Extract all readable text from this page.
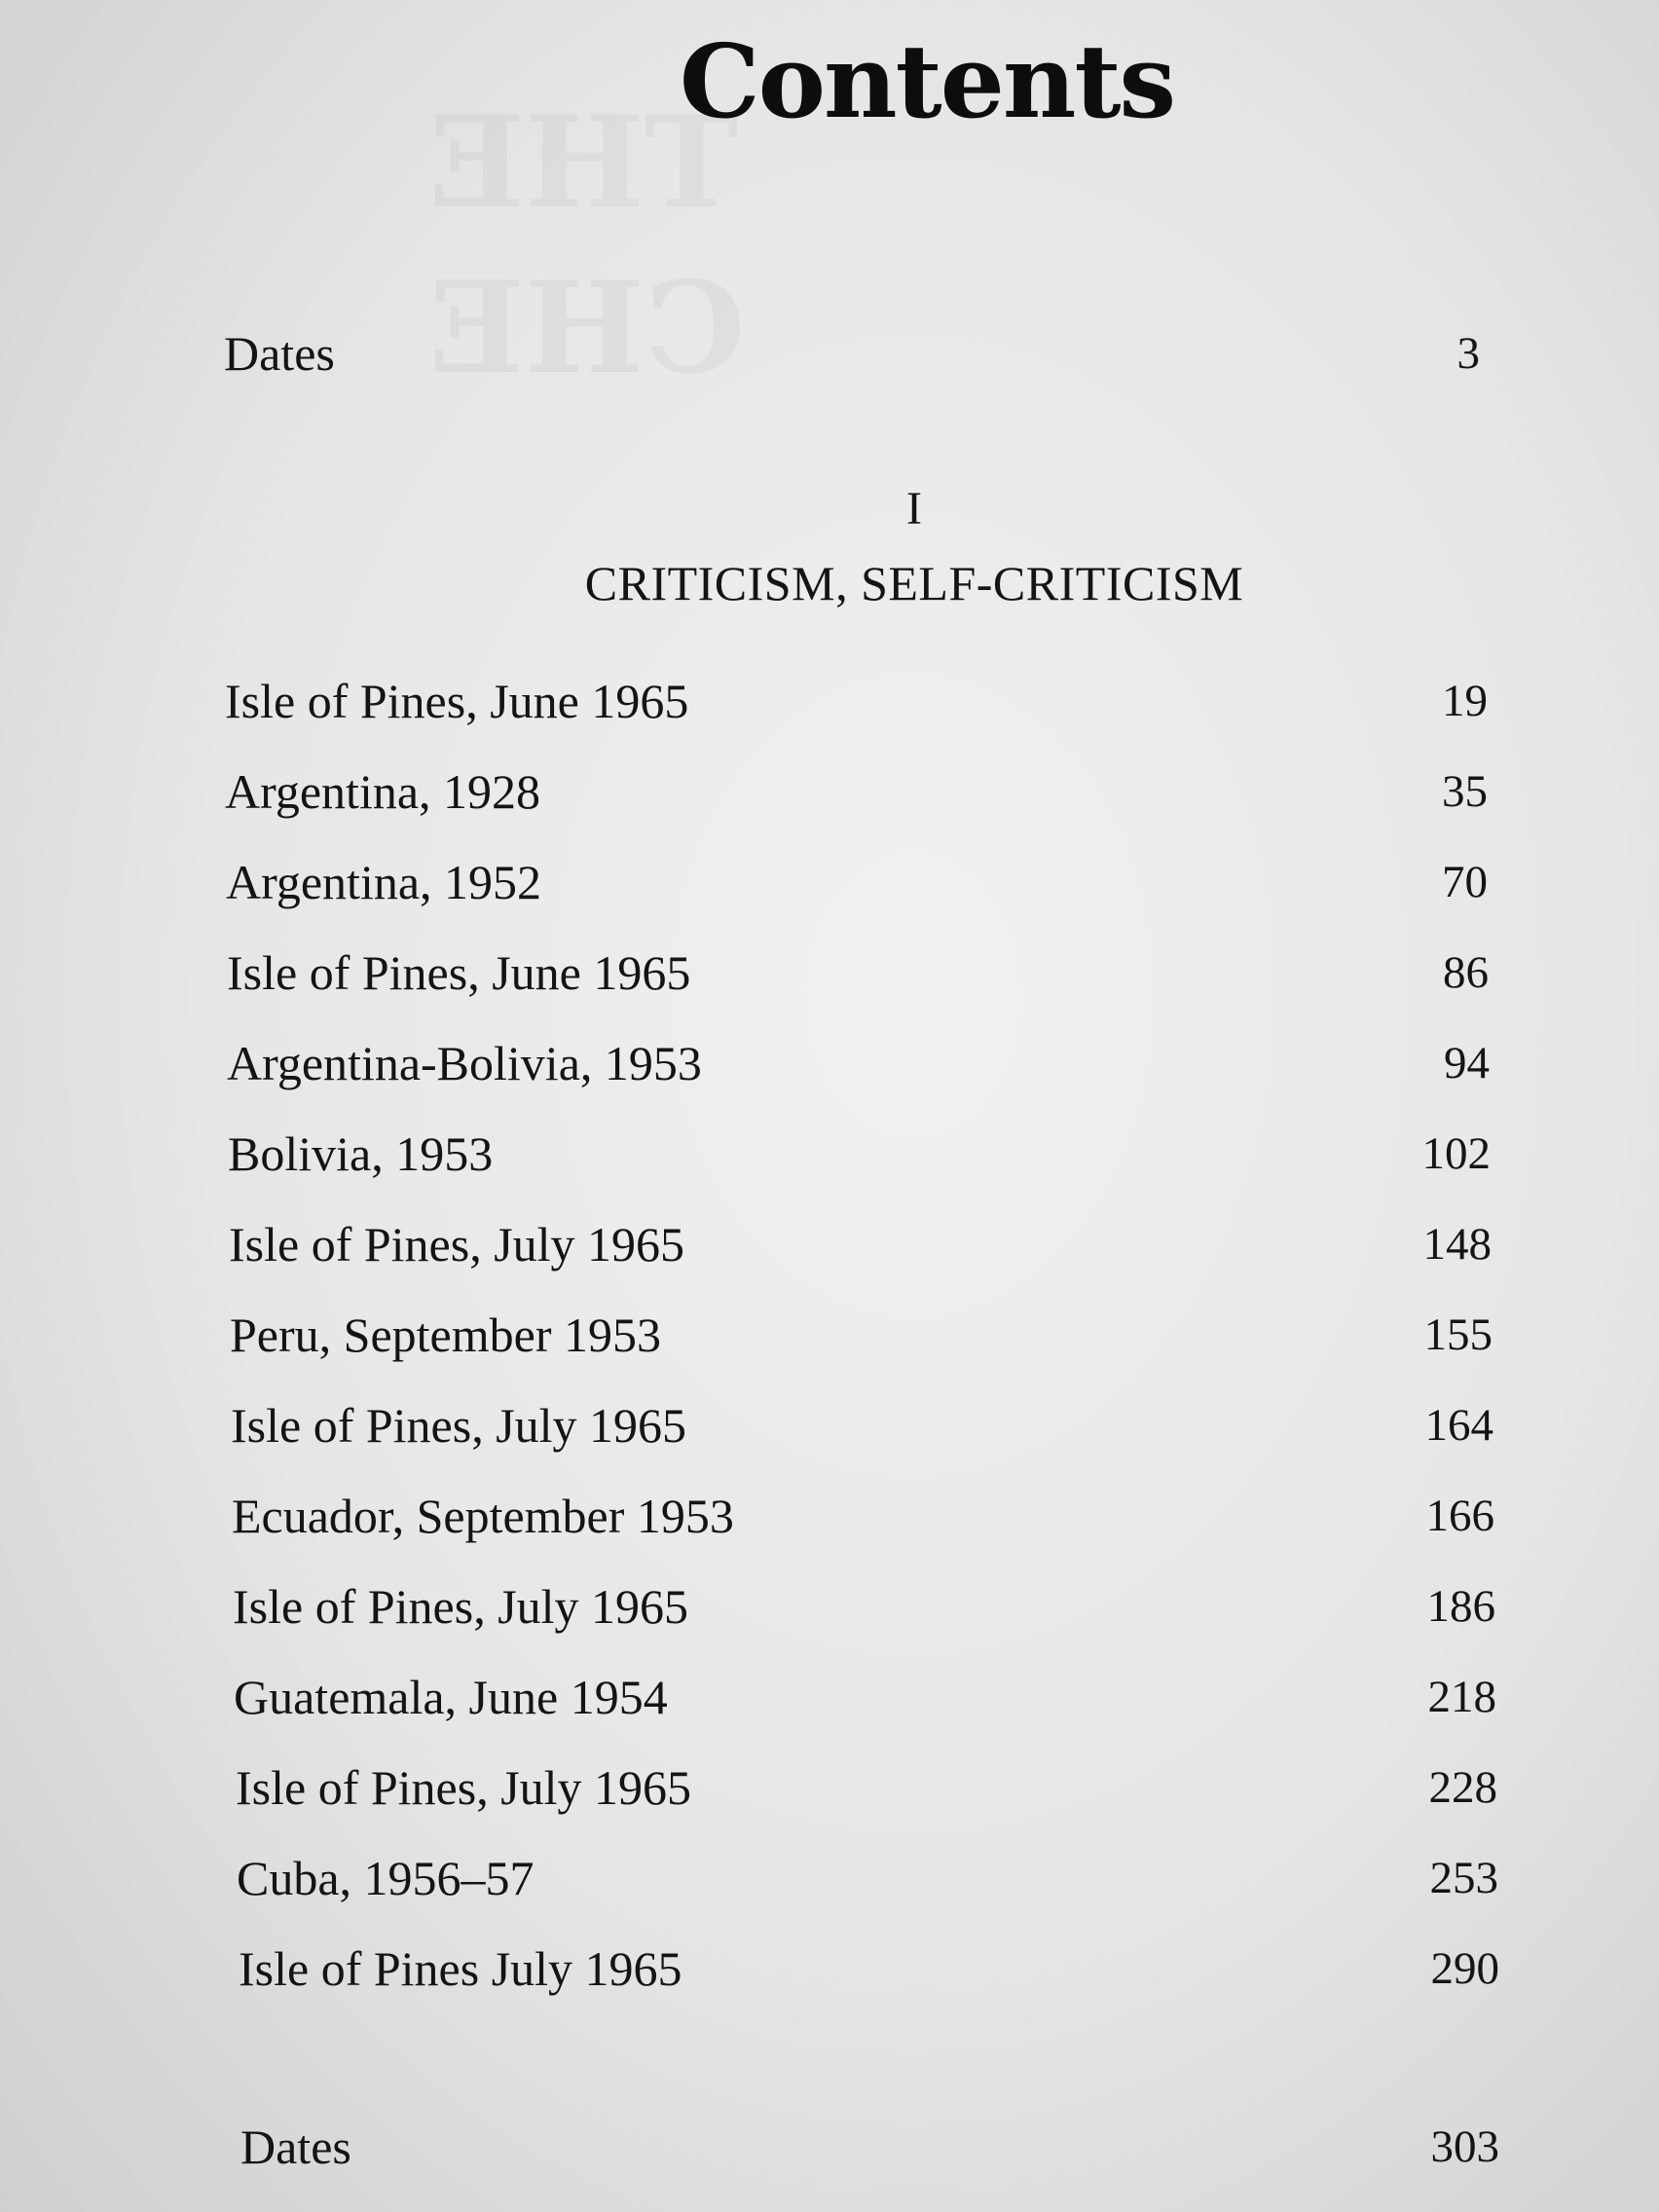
Contents
Dates	3
I
CRITICISM, SELF-CRITICISM
Isle of Pines, June 1965	19
Argentina, 1928	35
Argentina, 1952	70
Isle of Pines, June 1965	86
Argentina-Bolivia, 1953	94
Bolivia, 1953	102
Isle of Pines, July 1965	148
Peru, September 1953	155
Isle of Pines, July 1965	164
Ecuador, September 1953	166
Isle of Pines, July 1965	186
Guatemala, June 1954	218
Isle of Pines, July 1965	228
Cuba, 1956–57	253
Isle of Pines July 1965	290
Dates	303
